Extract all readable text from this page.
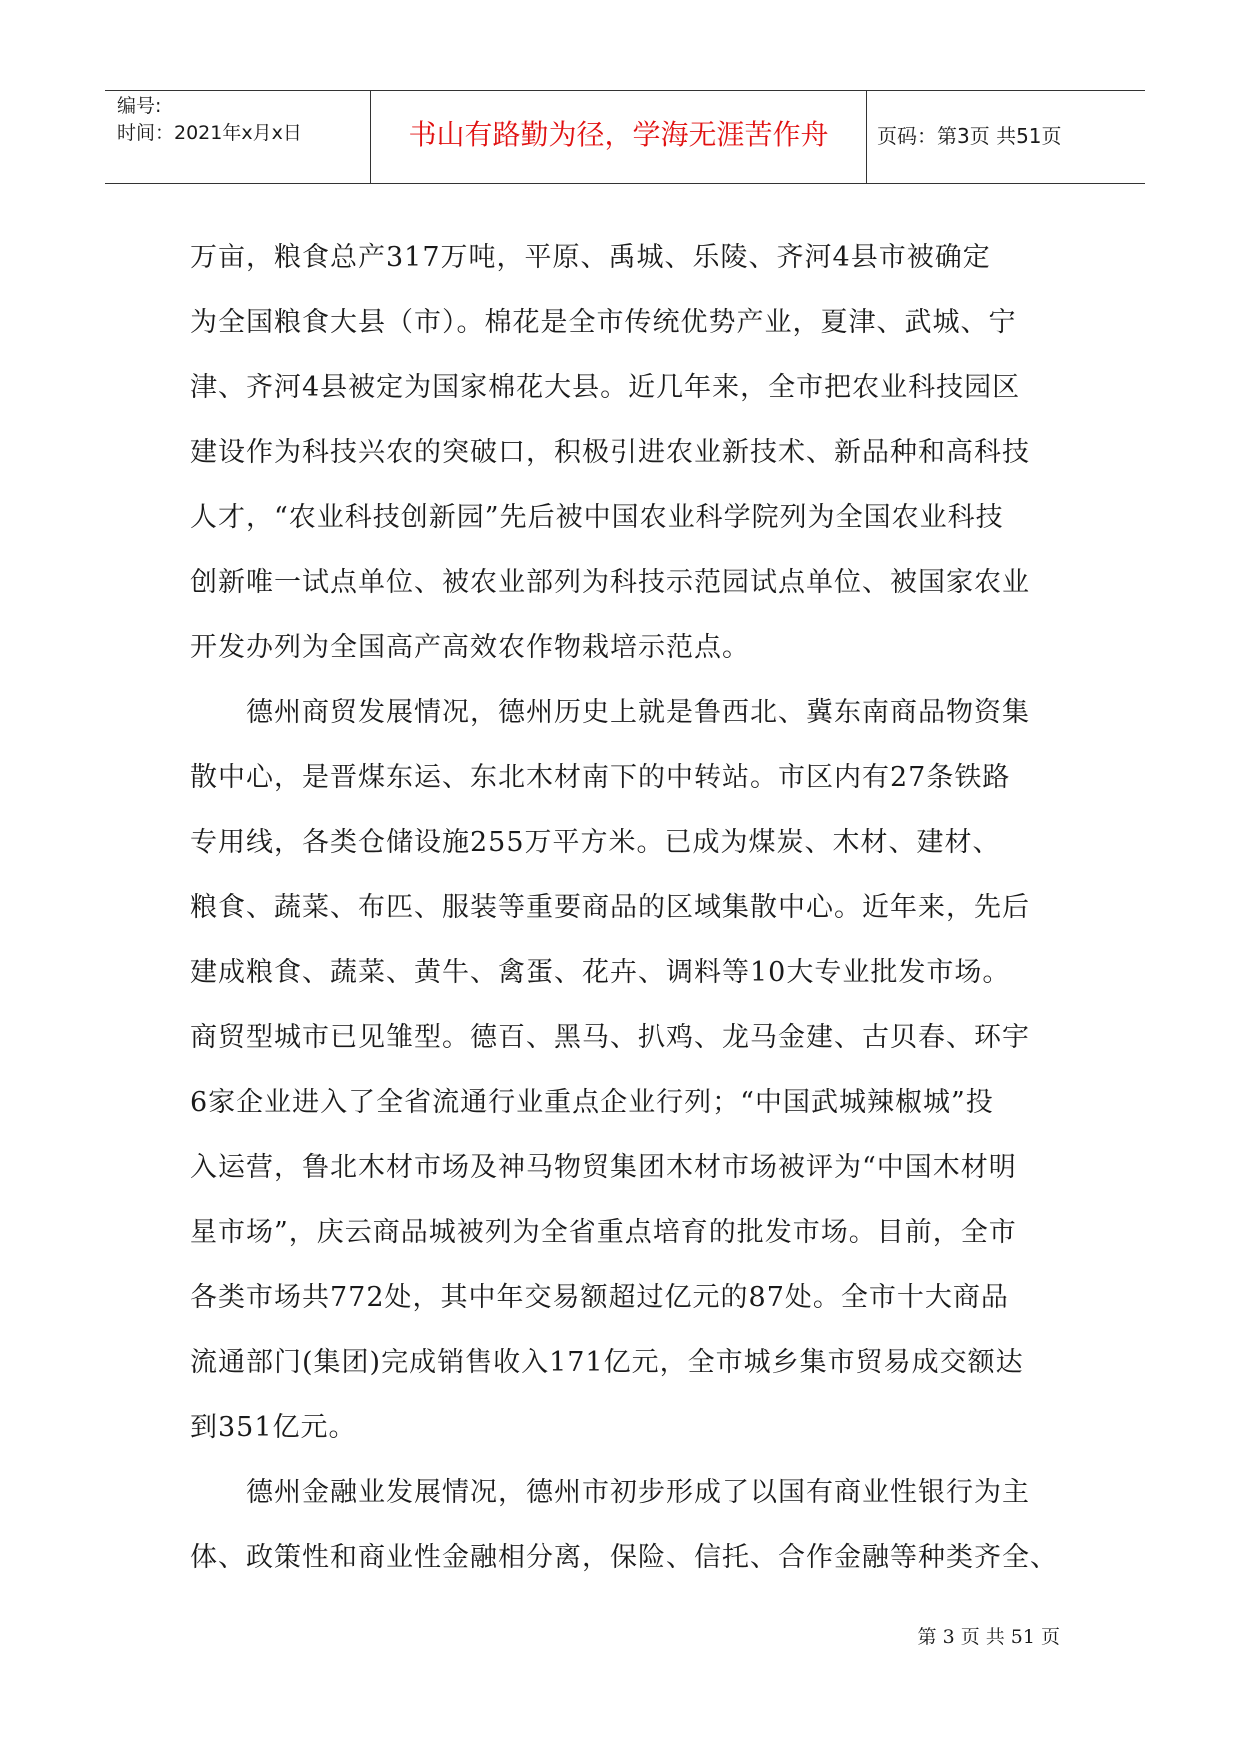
编号:
时间：2021年x月x日	书山有路勤为径，学海无涯苦作舟	页码：第3页 共51页

万亩，粮食总产317万吨，平原、禹城、乐陵、齐河4县市被确定

为全国粮食大县（市）。棉花是全市传统优势产业，夏津、武城、宁

津、齐河4县被定为国家棉花大县。近几年来，全市把农业科技园区

建设作为科技兴农的突破口，积极引进农业新技术、新品种和高科技

人才，“农业科技创新园”先后被中国农业科学院列为全国农业科技

创新唯一试点单位、被农业部列为科技示范园试点单位、被国家农业

开发办列为全国高产高效农作物栽培示范点。

德州商贸发展情况，德州历史上就是鲁西北、冀东南商品物资集

散中心，是晋煤东运、东北木材南下的中转站。市区内有27条铁路

专用线，各类仓储设施255万平方米。已成为煤炭、木材、建材、

粮食、蔬菜、布匹、服装等重要商品的区域集散中心。近年来，先后

建成粮食、蔬菜、黄牛、禽蛋、花卉、调料等10大专业批发市场。

商贸型城市已见雏型。德百、黑马、扒鸡、龙马金建、古贝春、环宇

6家企业进入了全省流通行业重点企业行列；“中国武城辣椒城”投

入运营，鲁北木材市场及神马物贸集团木材市场被评为“中国木材明

星市场”，庆云商品城被列为全省重点培育的批发市场。目前，全市

各类市场共772处，其中年交易额超过亿元的87处。全市十大商品

流通部门(集团)完成销售收入171亿元，全市城乡集市贸易成交额达

到351亿元。

德州金融业发展情况，德州市初步形成了以国有商业性银行为主

体、政策性和商业性金融相分离，保险、信托、合作金融等种类齐全、

第 3 页 共 51 页
